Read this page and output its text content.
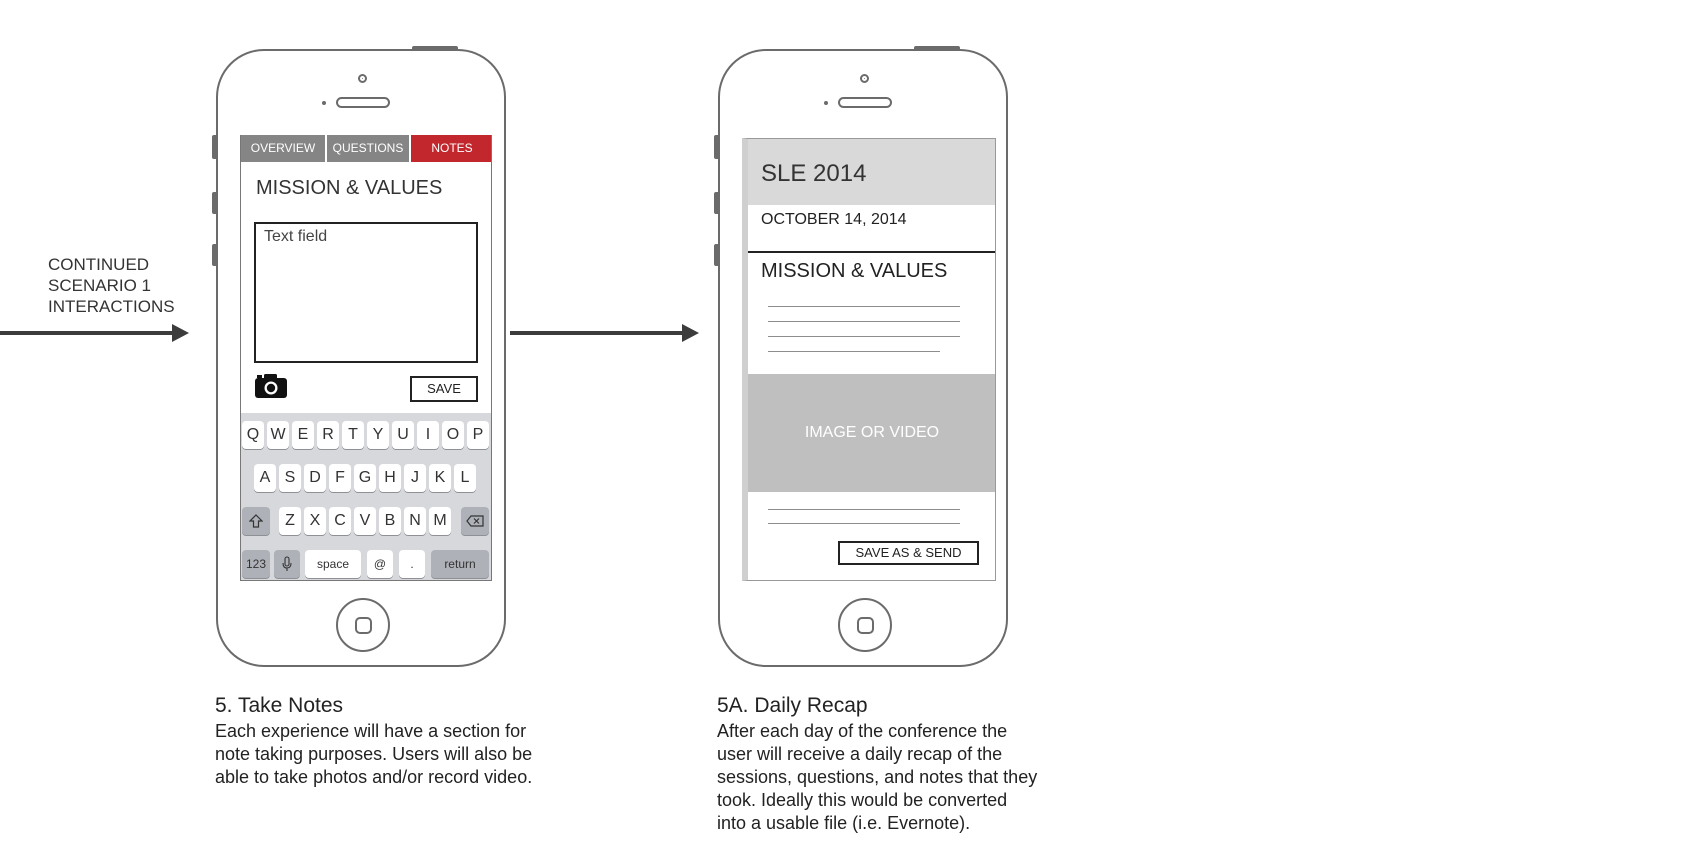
CONTINUED
SCENARIO 1
INTERACTIONS
OVERVIEW	QUESTIONS	NOTES
MISSION & VALUES
Text field
SAVE
Q W E R T Y U	I	O P
A S D F G H J K L
Z X C V B N M
123	space	@	.	return
SLE 2014
OCTOBER 14, 2014
MISSION & VALUES
IMAGE OR VIDEO
SAVE AS & SEND
5. Take Notes
Each experience will have a section for
note taking purposes. Users will also be
able to take photos and/or record video.
5A. Daily Recap
After each day of the conference the
user will receive a daily recap of the
sessions, questions, and notes that they
took. Ideally this would be converted
into a usable file (i.e. Evernote).
